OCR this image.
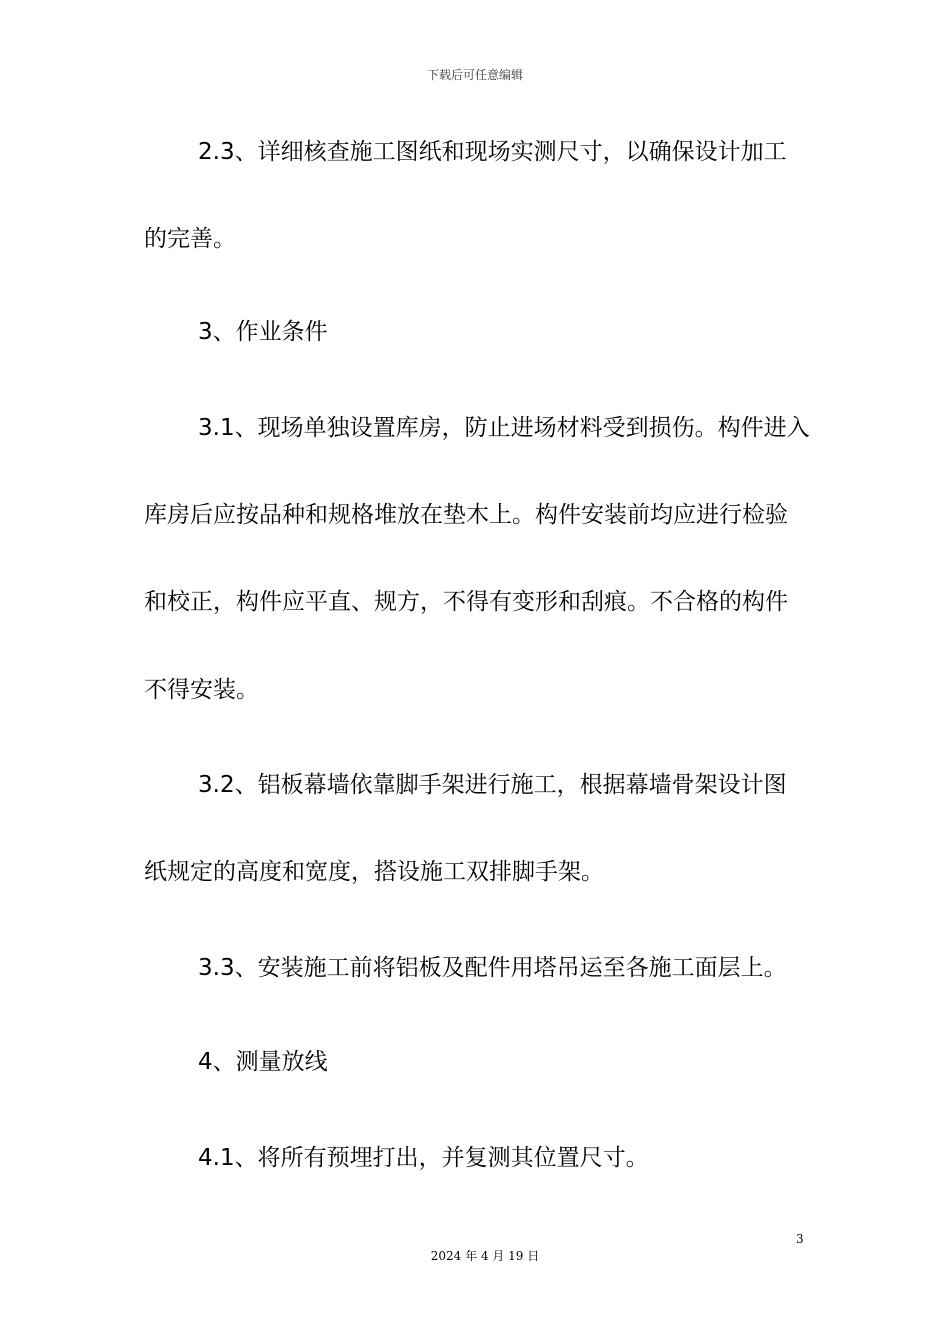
下载后可任意编辑
2.3、详细核查施工图纸和现场实测尺寸，以确保设计加工
的完善。
3、作业条件
3.1、现场单独设置库房，防止进场材料受到损伤。构件进入
库房后应按品种和规格堆放在垫木上。构件安装前均应进行检验
和校正，构件应平直、规方，不得有变形和刮痕。不合格的构件
不得安装。
3.2、铝板幕墙依靠脚手架进行施工，根据幕墙骨架设计图
纸规定的高度和宽度，搭设施工双排脚手架。
3.3、安装施工前将铝板及配件用塔吊运至各施工面层上。
4、测量放线
4.1、将所有预埋打出，并复测其位置尺寸。
3
2024 年 4 月 19 日
